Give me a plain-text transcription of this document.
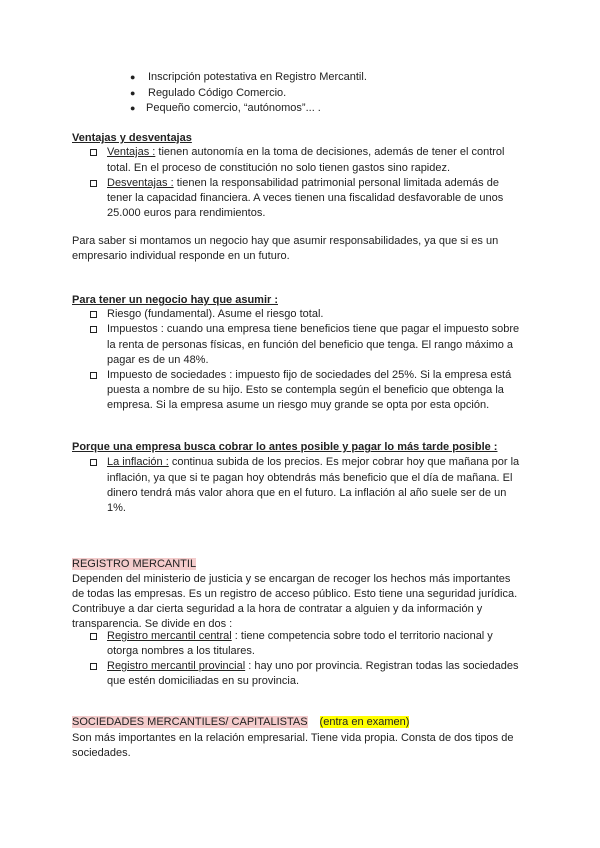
● Inscripción potestativa en Registro Mercantil.
● Regulado Código Comercio.
● Pequeño comercio, “autónomos”... .
Ventajas y desventajas
Ventajas : tienen autonomía en la toma de decisiones, además de tener el control
total. En el proceso de constitución no solo tienen gastos sino rapidez.
Desventajas : tienen la responsabilidad patrimonial personal limitada además de
tener la capacidad financiera. A veces tienen una fiscalidad desfavorable de unos
25.000 euros para rendimientos.
Para saber si montamos un negocio hay que asumir responsabilidades, ya que si es un
empresario individual responde en un futuro.
Para tener un negocio hay que asumir :
Riesgo (fundamental). Asume el riesgo total.
Impuestos : cuando una empresa tiene beneficios tiene que pagar el impuesto sobre
la renta de personas físicas, en función del beneficio que tenga. El rango máximo a
pagar es de un 48%.
Impuesto de sociedades : impuesto fijo de sociedades del 25%. Si la empresa está
puesta a nombre de su hijo. Esto se contempla según el beneficio que obtenga la
empresa. Si la empresa asume un riesgo muy grande se opta por esta opción.
Porque una empresa busca cobrar lo antes posible y pagar lo más tarde posible :
La inflación : continua subida de los precios. Es mejor cobrar hoy que mañana por la
inflación, ya que si te pagan hoy obtendrás más beneficio que el día de mañana. El
dinero tendrá más valor ahora que en el futuro. La inflación al año suele ser de un
1%.
REGISTRO MERCANTIL
Dependen del ministerio de justicia y se encargan de recoger los hechos más importantes
de todas las empresas. Es un registro de acceso público. Esto tiene una seguridad jurídica.
Contribuye a dar cierta seguridad a la hora de contratar a alguien y da información y
transparencia. Se divide en dos :
Registro mercantil central : tiene competencia sobre todo el territorio nacional y
otorga nombres a los titulares.
Registro mercantil provincial : hay uno por provincia. Registran todas las sociedades
que estén domiciliadas en su provincia.
SOCIEDADES MERCANTILES/ CAPITALISTAS (entra en examen)
Son más importantes en la relación empresarial. Tiene vida propia. Consta de dos tipos de
sociedades.
